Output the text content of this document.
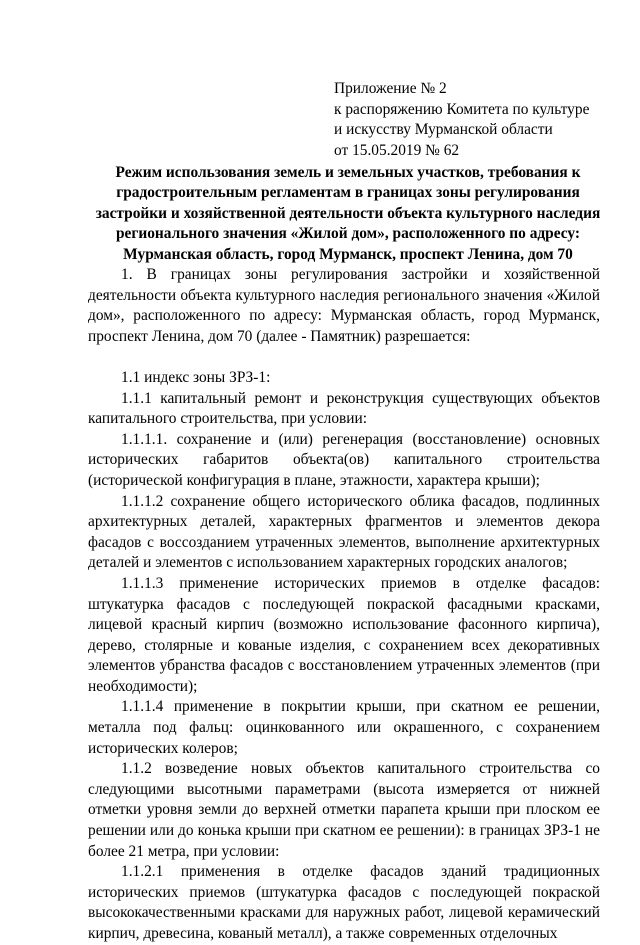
Приложение № 2
к распоряжению Комитета по культуре
и искусству Мурманской области
от 15.05.2019 № 62
Режим использования земель и земельных участков, требования к
градостроительным регламентам в границах зоны регулирования
застройки и хозяйственной деятельности объекта культурного наследия
регионального значения «Жилой дом», расположенного по адресу:
Мурманская область, город Мурманск, проспект Ленина, дом 70

1. В границах зоны регулирования застройки и хозяйственной деятельности объекта культурного наследия регионального значения «Жилой дом», расположенного по адресу: Мурманская область, город Мурманск, проспект Ленина, дом 70 (далее - Памятник) разрешается:

1.1 индекс зоны ЗРЗ-1:

1.1.1 капитальный ремонт и реконструкция существующих объектов капитального строительства, при условии:

1.1.1.1. сохранение и (или) регенерация (восстановление) основных исторических габаритов объекта(ов) капитального строительства (исторической конфигурация в плане, этажности, характера крыши);

1.1.1.2 сохранение общего исторического облика фасадов, подлинных архитектурных деталей, характерных фрагментов и элементов декора фасадов с воссозданием утраченных элементов, выполнение архитектурных деталей и элементов с использованием характерных городских аналогов;

1.1.1.3 применение исторических приемов в отделке фасадов: штукатурка фасадов с последующей покраской фасадными красками, лицевой красный кирпич (возможно использование фасонного кирпича), дерево, столярные и кованые изделия, с сохранением всех декоративных элементов убранства фасадов с восстановлением утраченных элементов (при необходимости);

1.1.1.4 применение в покрытии крыши, при скатном ее решении, металла под фальц: оцинкованного или окрашенного, с сохранением исторических колеров;

1.1.2 возведение новых объектов капитального строительства со следующими высотными параметрами (высота измеряется от нижней отметки уровня земли до верхней отметки парапета крыши при плоском ее решении или до конька крыши при скатном ее решении): в границах ЗРЗ-1 не более 21 метра, при условии:

1.1.2.1 применения в отделке фасадов зданий традиционных исторических приемов (штукатурка фасадов с последующей покраской высококачественными красками для наружных работ, лицевой керамический кирпич, древесина, кованый металл), а также современных отделочных
